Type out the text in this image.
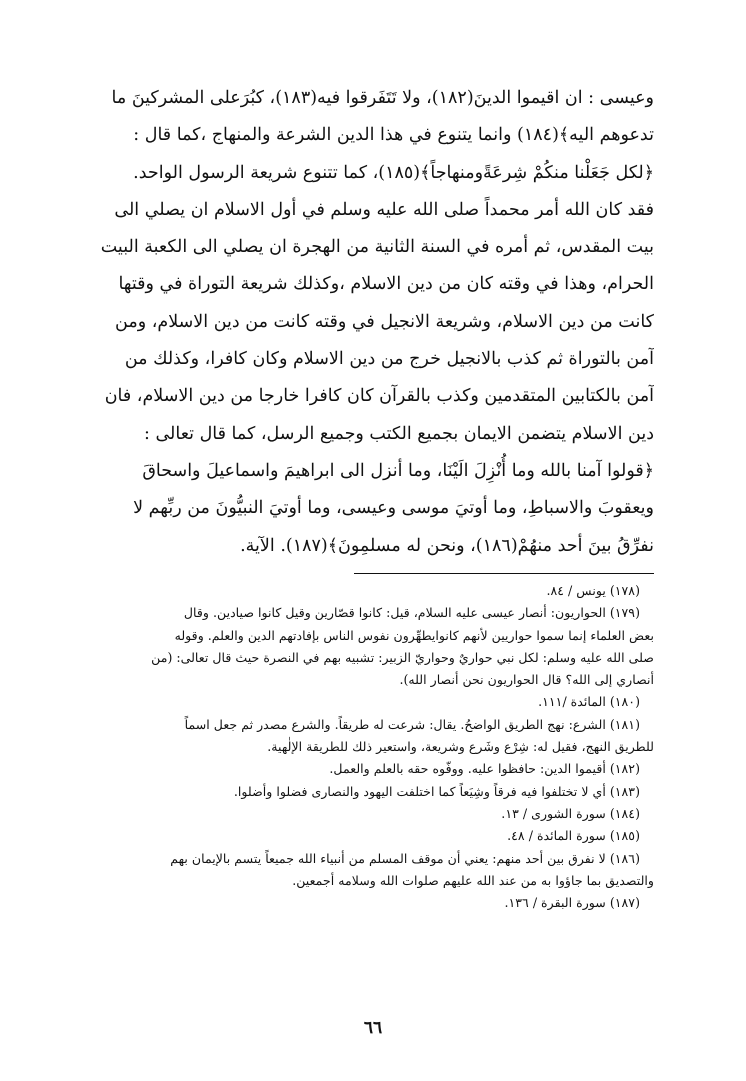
وعيسى : ان اقيموا الدينَ(١٨٢)، ولا تَتَفَرقوا فيه(١٨٣)، كبُرَعلى المشركينَ ما
تدعوهم اليه﴾(١٨٤) وانما يتنوع في هذا الدين الشرعة والمنهاج ،كما قال :
﴿لكل جَعَلْنا منكُمْ شِرعَةًومنهاجاً﴾(١٨٥)، كما تتنوع شريعة الرسول الواحد.
فقد كان الله أمر محمداً صلى الله عليه وسلم في أول الاسلام ان يصلي الى
بيت المقدس، ثم أمره في السنة الثانية من الهجرة ان يصلي الى الكعبة البيت
الحرام، وهذا في وقته كان من دين الاسلام ،وكذلك شريعة التوراة في وقتها
كانت من دين الاسلام، وشريعة الانجيل في وقته كانت من دين الاسلام، ومن
آمن بالتوراة ثم كذب بالانجيل خرج من دين الاسلام وكان كافرا، وكذلك من
آمن بالكتابين المتقدمين وكذب بالقرآن كان كافرا خارجا من دين الاسلام، فان
دين الاسلام يتضمن الايمان بجميع الكتب وجميع الرسل، كما قال تعالى :
﴿قولوا آمنا بالله وما أُنْزِلَ الَيْنَا، وما أنزل الى ابراهيمَ واسماعيلَ واسحاقَ
ويعقوبَ والاسباطِ، وما أوتيَ موسى وعيسى، وما أوتيَ النبيُّونَ من ربِّهم لا
نفرِّقُ بينَ أحد منهُمْ(١٨٦)، ونحن له مسلمِونَ﴾(١٨٧). الآية.
(١٧٨) يونس / ٨٤.
(١٧٩) الحواريون: أنصار عيسى عليه السلام، قيل: كانوا قصّارين وقيل كانوا صيادين. وقال
بعض العلماء إنما سموا حواريين لأنهم كانوايطهِّرون نفوس الناس بإفادتهم الدين والعلم. وقوله
صلى الله عليه وسلم: لكل نبي حواريٌ وحواريّ الزبير: تشبيه بهم في النصرة حيث قال تعالى: (من
أنصاري إلى الله؟ قال الحواريون نحن أنصار الله).
(١٨٠) المائدة /١١١.
(١٨١) الشرع: نهج الطريق الواضحُ. يقال: شرعت له طريقاً. والشرع مصدر ثم جعل اسماً
للطريق النهج، فقيل له: شِرْع وشَرع وشريعة، واستعير ذلك للطريقة الإلٰهية.
(١٨٢) أقيموا الدين: حافظوا عليه. ووفّوه حقه بالعلم والعمل.
(١٨٣) أي لا تختلفوا فيه فرقاً وشِيَعاً كما اختلفت اليهود والنصارى فضلوا وأضلوا.
(١٨٤) سورة الشورى / ١٣.
(١٨٥) سورة المائدة / ٤٨.
(١٨٦) لا نفرق بين أحد منهم: يعني أن موقف المسلم من أنبياء الله جميعاً يتسم بالإيمان بهم
والتصديق بما جاؤوا به من عند الله عليهم صلوات الله وسلامه أجمعين.
(١٨٧) سورة البقرة / ١٣٦.
٦٦
